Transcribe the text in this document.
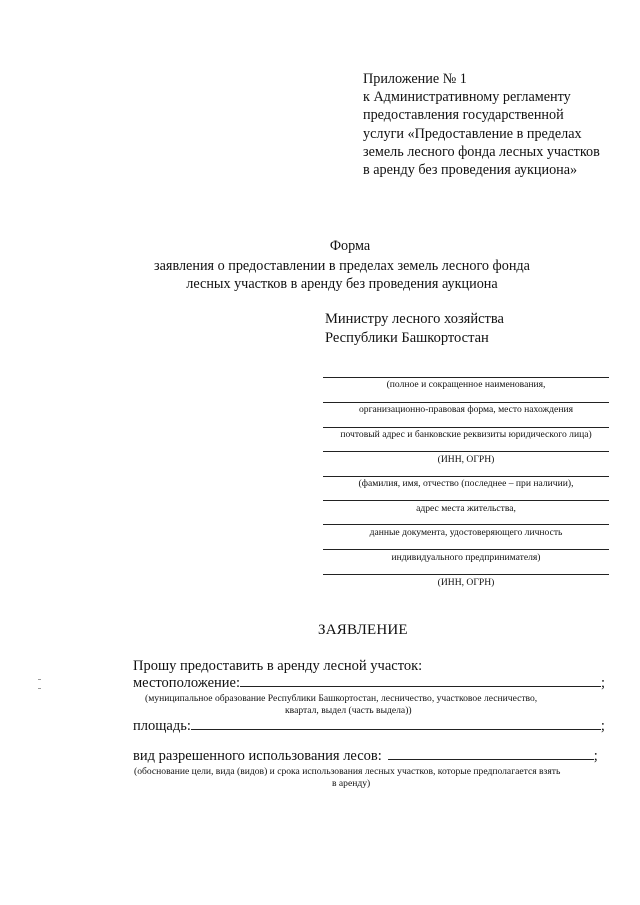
Приложение № 1
к Административному регламенту
предоставления государственной
услуги «Предоставление в пределах
земель лесного фонда лесных участков
в аренду без проведения аукциона»
Форма
заявления о предоставлении в пределах земель лесного фонда
лесных участков в аренду без проведения аукциона
Министру лесного хозяйства
Республики Башкортостан
(полное и сокращенное наименования,
организационно-правовая форма, место нахождения
почтовый адрес и банковские реквизиты юридического лица)
(ИНН, ОГРН)
(фамилия, имя, отчество (последнее – при наличии),
адрес места жительства,
данные документа, удостоверяющего личность
индивидуального предпринимателя)
(ИНН, ОГРН)
ЗАЯВЛЕНИЕ
Прошу предоставить в аренду лесной участок:
местоположение:	;
(муниципальное образование Республики Башкортостан, лесничество, участковое лесничество,
квартал, выдел (часть выдела))
площадь:	;
вид разрешенного использования лесов:	;
(обоснование цели, вида (видов) и срока использования лесных участков, которые предполагается взять
в аренду)
